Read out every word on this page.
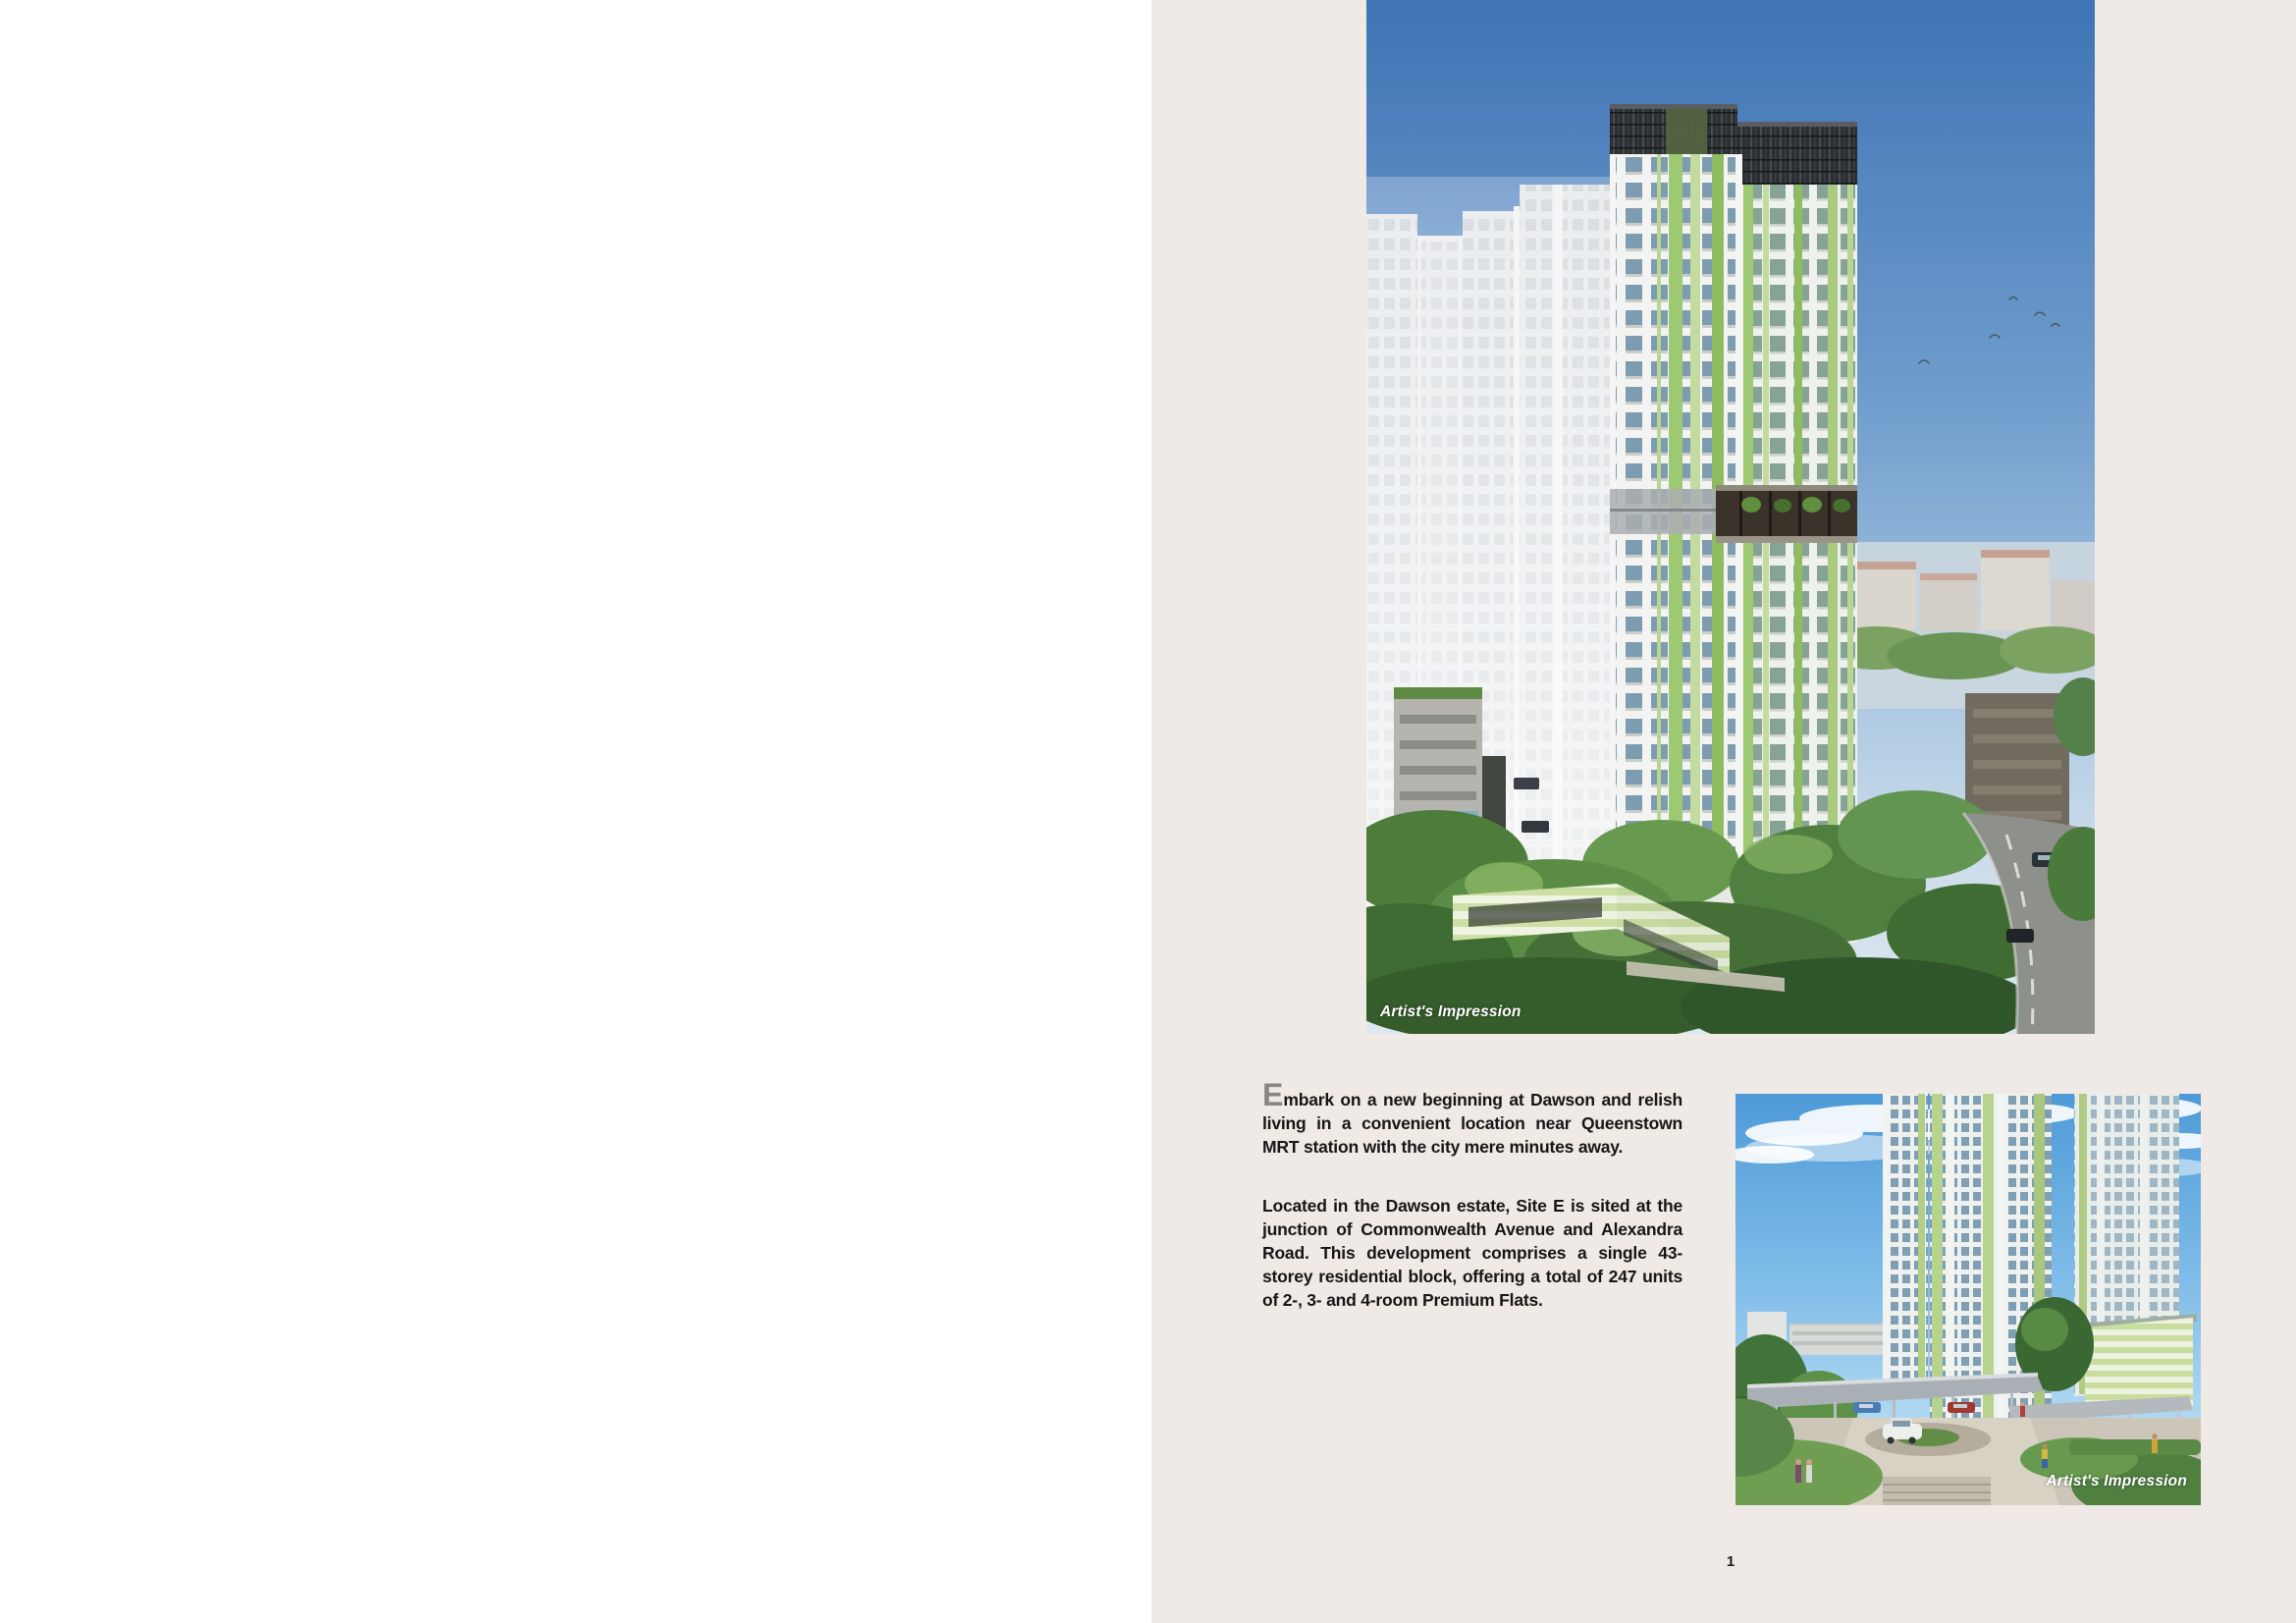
Artist's Impression

Embark on a new beginning at Dawson and relish living in a convenient location near Queenstown MRT station with the city mere minutes away.

Located in the Dawson estate, Site E is sited at the junction of Commonwealth Avenue and Alexandra Road. This development comprises a single 43-storey residential block, offering a total of 247 units of 2-, 3- and 4-room Premium Flats.

Artist's Impression
1
